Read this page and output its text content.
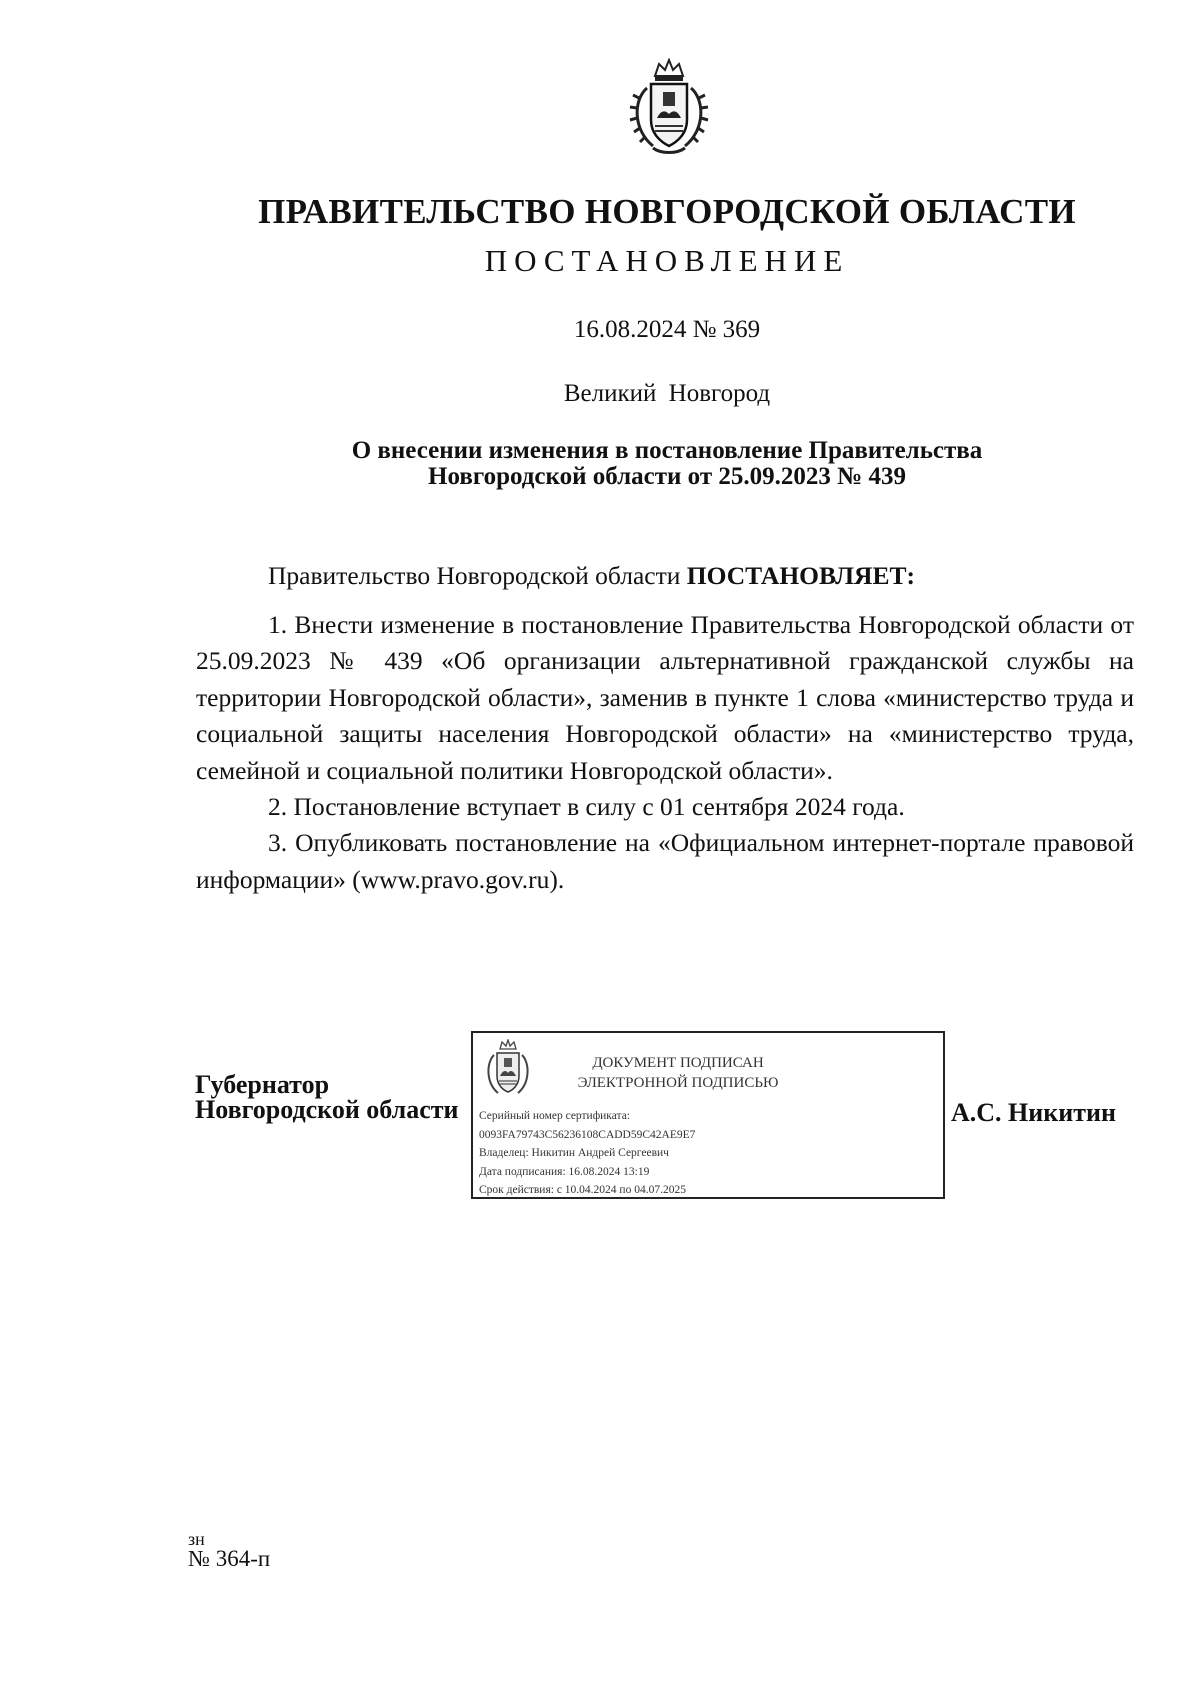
ПРАВИТЕЛЬСТВО НОВГОРОДСКОЙ ОБЛАСТИ
ПОСТАНОВЛЕНИЕ
16.08.2024 № 369
Великий Новгород
О внесении изменения в постановление Правительства
Новгородской области от 25.09.2023 № 439
Правительство Новгородской области ПОСТАНОВЛЯЕТ:

1. Внести изменение в постановление Правительства Новгородской области от 25.09.2023 № 439 «Об организации альтернативной гражданской службы на территории Новгородской области», заменив в пункте 1 слова «министерство труда и социальной защиты населения Новгородской области» на «министерство труда, семейной и социальной политики Новгородской области».

2. Постановление вступает в силу с 01 сентября 2024 года.

3. Опубликовать постановление на «Официальном интернет-портале правовой информации» (www.pravo.gov.ru).

Губернатор
Новгородской области
ДОКУМЕНТ ПОДПИСАН
ЭЛЕКТРОННОЙ ПОДПИСЬЮ
Серийный номер сертификата:
0093FA79743C56236108CADD59C42AE9E7
Владелец: Никитин Андрей Сергеевич
Дата подписания: 16.08.2024 13:19
Срок действия: с 10.04.2024 по 04.07.2025
А.С. Никитин
зн
№ 364-п
